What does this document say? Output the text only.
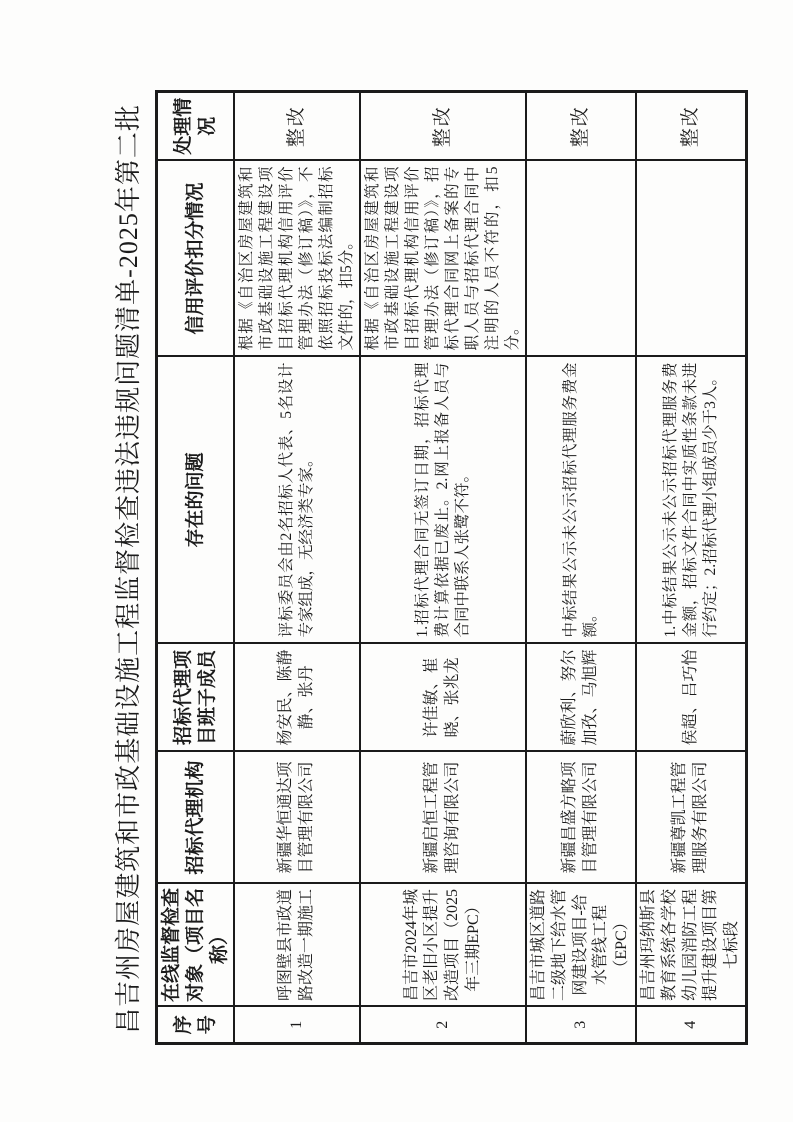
昌吉州房屋建筑和市政基础设施工程监督检查违法违规问题清单-2025年第二批	序号	在线监督检查对象（项目名称）	招标代理机构	招标代理项目班子成员	存在的问题	信用评价扣分情况	处理情况
1	呼图壁县市政道路改造一期施工	新疆华恒通达项目管理有限公司	杨安民、陈静静、张丹	评标委员会由2名招标人代表、5名设计专家组成，无经济类专家。	根据《自治区房屋建筑和市政基础设施工程建设项目招标代理机构信用评价管理办法（修订稿）》，不依照招标投标法编制招标文件的，扣5分。	整改
2	昌吉市2024年城区老旧小区提升改造项目（2025年三期EPC）	新疆启恒工程管理咨询有限公司	许佳敏、崔晓、张兆龙	1.招标代理合同无签订日期，招标代理费计算依据已废止。2.网上报备人员与合同中联系人张鹭不符。	根据《自治区房屋建筑和市政基础设施工程建设项目招标代理机构信用评价管理办法（修订稿）》，招标代理合同网上备案的专职人员与招标代理合同中注明的人员不符的，扣5分。	整改
3	昌吉市城区道路二级地下给水管网建设项目-给水管线工程（EPC）	新疆昌盛方略项目管理有限公司	蔚欣利、努尔加孜、马旭辉	中标结果公示未公示招标代理服务费金额。		整改
4	昌吉州玛纳斯县教育系统各学校幼儿园消防工程提升建设项目第七标段	新疆尊凯工程管理服务有限公司	侯超、吕巧怡	1.中标结果公示未公示招标代理服务费金额，招标文件合同中实质性条款未进行约定；2.招标代理小组成员少于3人。		整改
